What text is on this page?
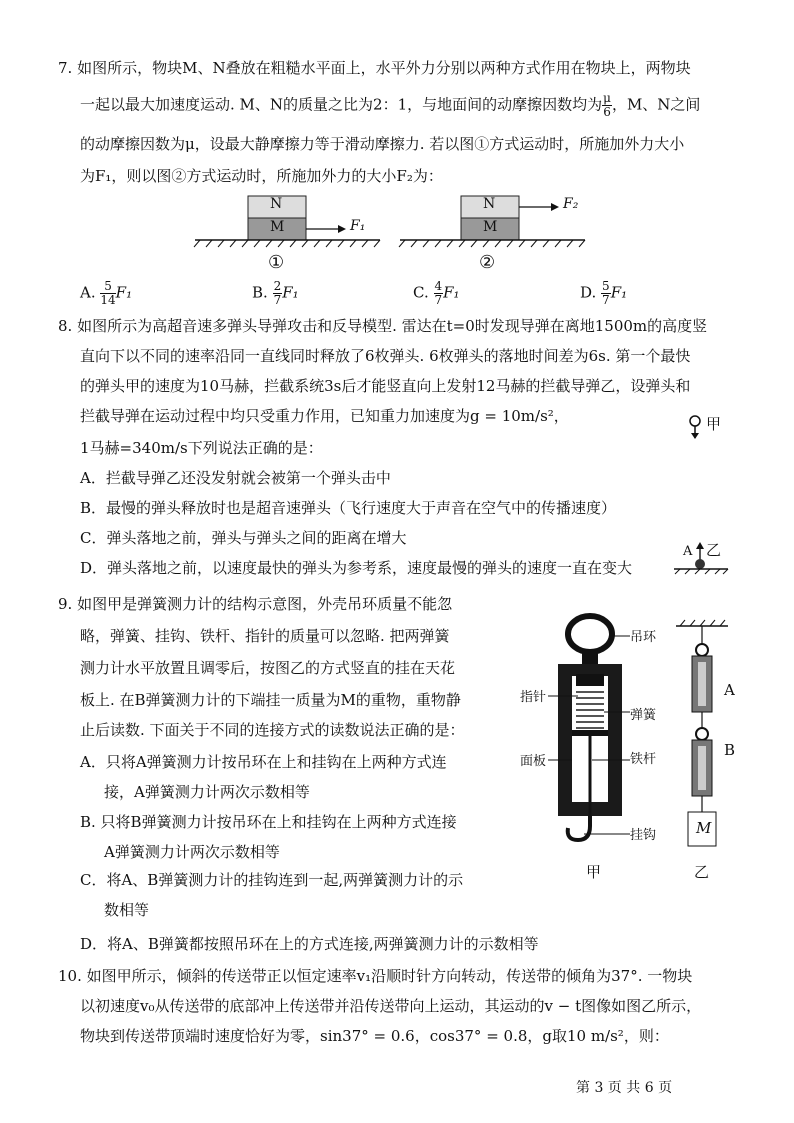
7. 如图所示，物块M、N叠放在粗糙水平面上，水平外力分别以两种方式作用在物块上，两物块
一起以最大加速度运动. M、N的质量之比为2：1，与地面间的动摩擦因数均为 $\frac{\mu}{6}$ ，M、N之间
的动摩擦因数为μ，设最大静摩擦力等于滑动摩擦力. 若以图①方式运动时，所施加外力大小
为F₁，则以图②方式运动时，所施加外力的大小F₂为：
N
M	F₁
①
N
M
F₂
②
A. $\frac{5}{14} F_1$	B. $\frac{2}{7} F_1$	C. $\frac{4}{7} F_1$	D. $\frac{5}{7} F_1$
8. 如图所示为高超音速多弹头导弹攻击和反导模型. 雷达在t=0时发现导弹在离地1500m的高度竖
直向下以不同的速率沿同一直线同时释放了6枚弹头. 6枚弹头的落地时间差为6s. 第一个最快
的弹头甲的速度为10马赫，拦截系统3s后才能竖直向上发射12马赫的拦截导弹乙，设弹头和
拦截导弹在运动过程中均只受重力作用，已知重力加速度为g = 10m/s²，
1马赫=340m/s下列说法正确的是：
甲
A．拦截导弹乙还没发射就会被第一个弹头击中
B．最慢的弹头释放时也是超音速弹头（飞行速度大于声音在空气中的传播速度）
C．弹头落地之前，弹头与弹头之间的距离在增大
D．弹头落地之前，以速度最快的弹头为参考系，速度最慢的弹头的速度一直在变大
A 乙
9. 如图甲是弹簧测力计的结构示意图，外壳吊环质量不能忽
略，弹簧、挂钩、铁杆、指针的质量可以忽略. 把两弹簧
测力计水平放置且调零后，按图乙的方式竖直的挂在天花
板上. 在B弹簧测力计的下端挂一质量为M的重物，重物静
止后读数. 下面关于不同的连接方式的读数说法正确的是：
A．只将A弹簧测力计按吊环在上和挂钩在上两种方式连
接，A弹簧测力计两次示数相等
B. 只将B弹簧测力计按吊环在上和挂钩在上两种方式连接
A弹簧测力计两次示数相等
C．将A、B弹簧测力计的挂钩连到一起,两弹簧测力计的示
数相等
D．将A、B弹簧都按照吊环在上的方式连接,两弹簧测力计的示数相等
指针
面板
吊环
弹簧
铁杆
挂钩
甲
A
B
M
乙
10. 如图甲所示，倾斜的传送带正以恒定速率v₁沿顺时针方向转动，传送带的倾角为37°. 一物块
以初速度v₀从传送带的底部冲上传送带并沿传送带向上运动，其运动的v − t图像如图乙所示，
物块到传送带顶端时速度恰好为零，sin37° = 0.6，cos37° = 0.8，g取10 m/s²，则：
第 3 页 共 6 页
